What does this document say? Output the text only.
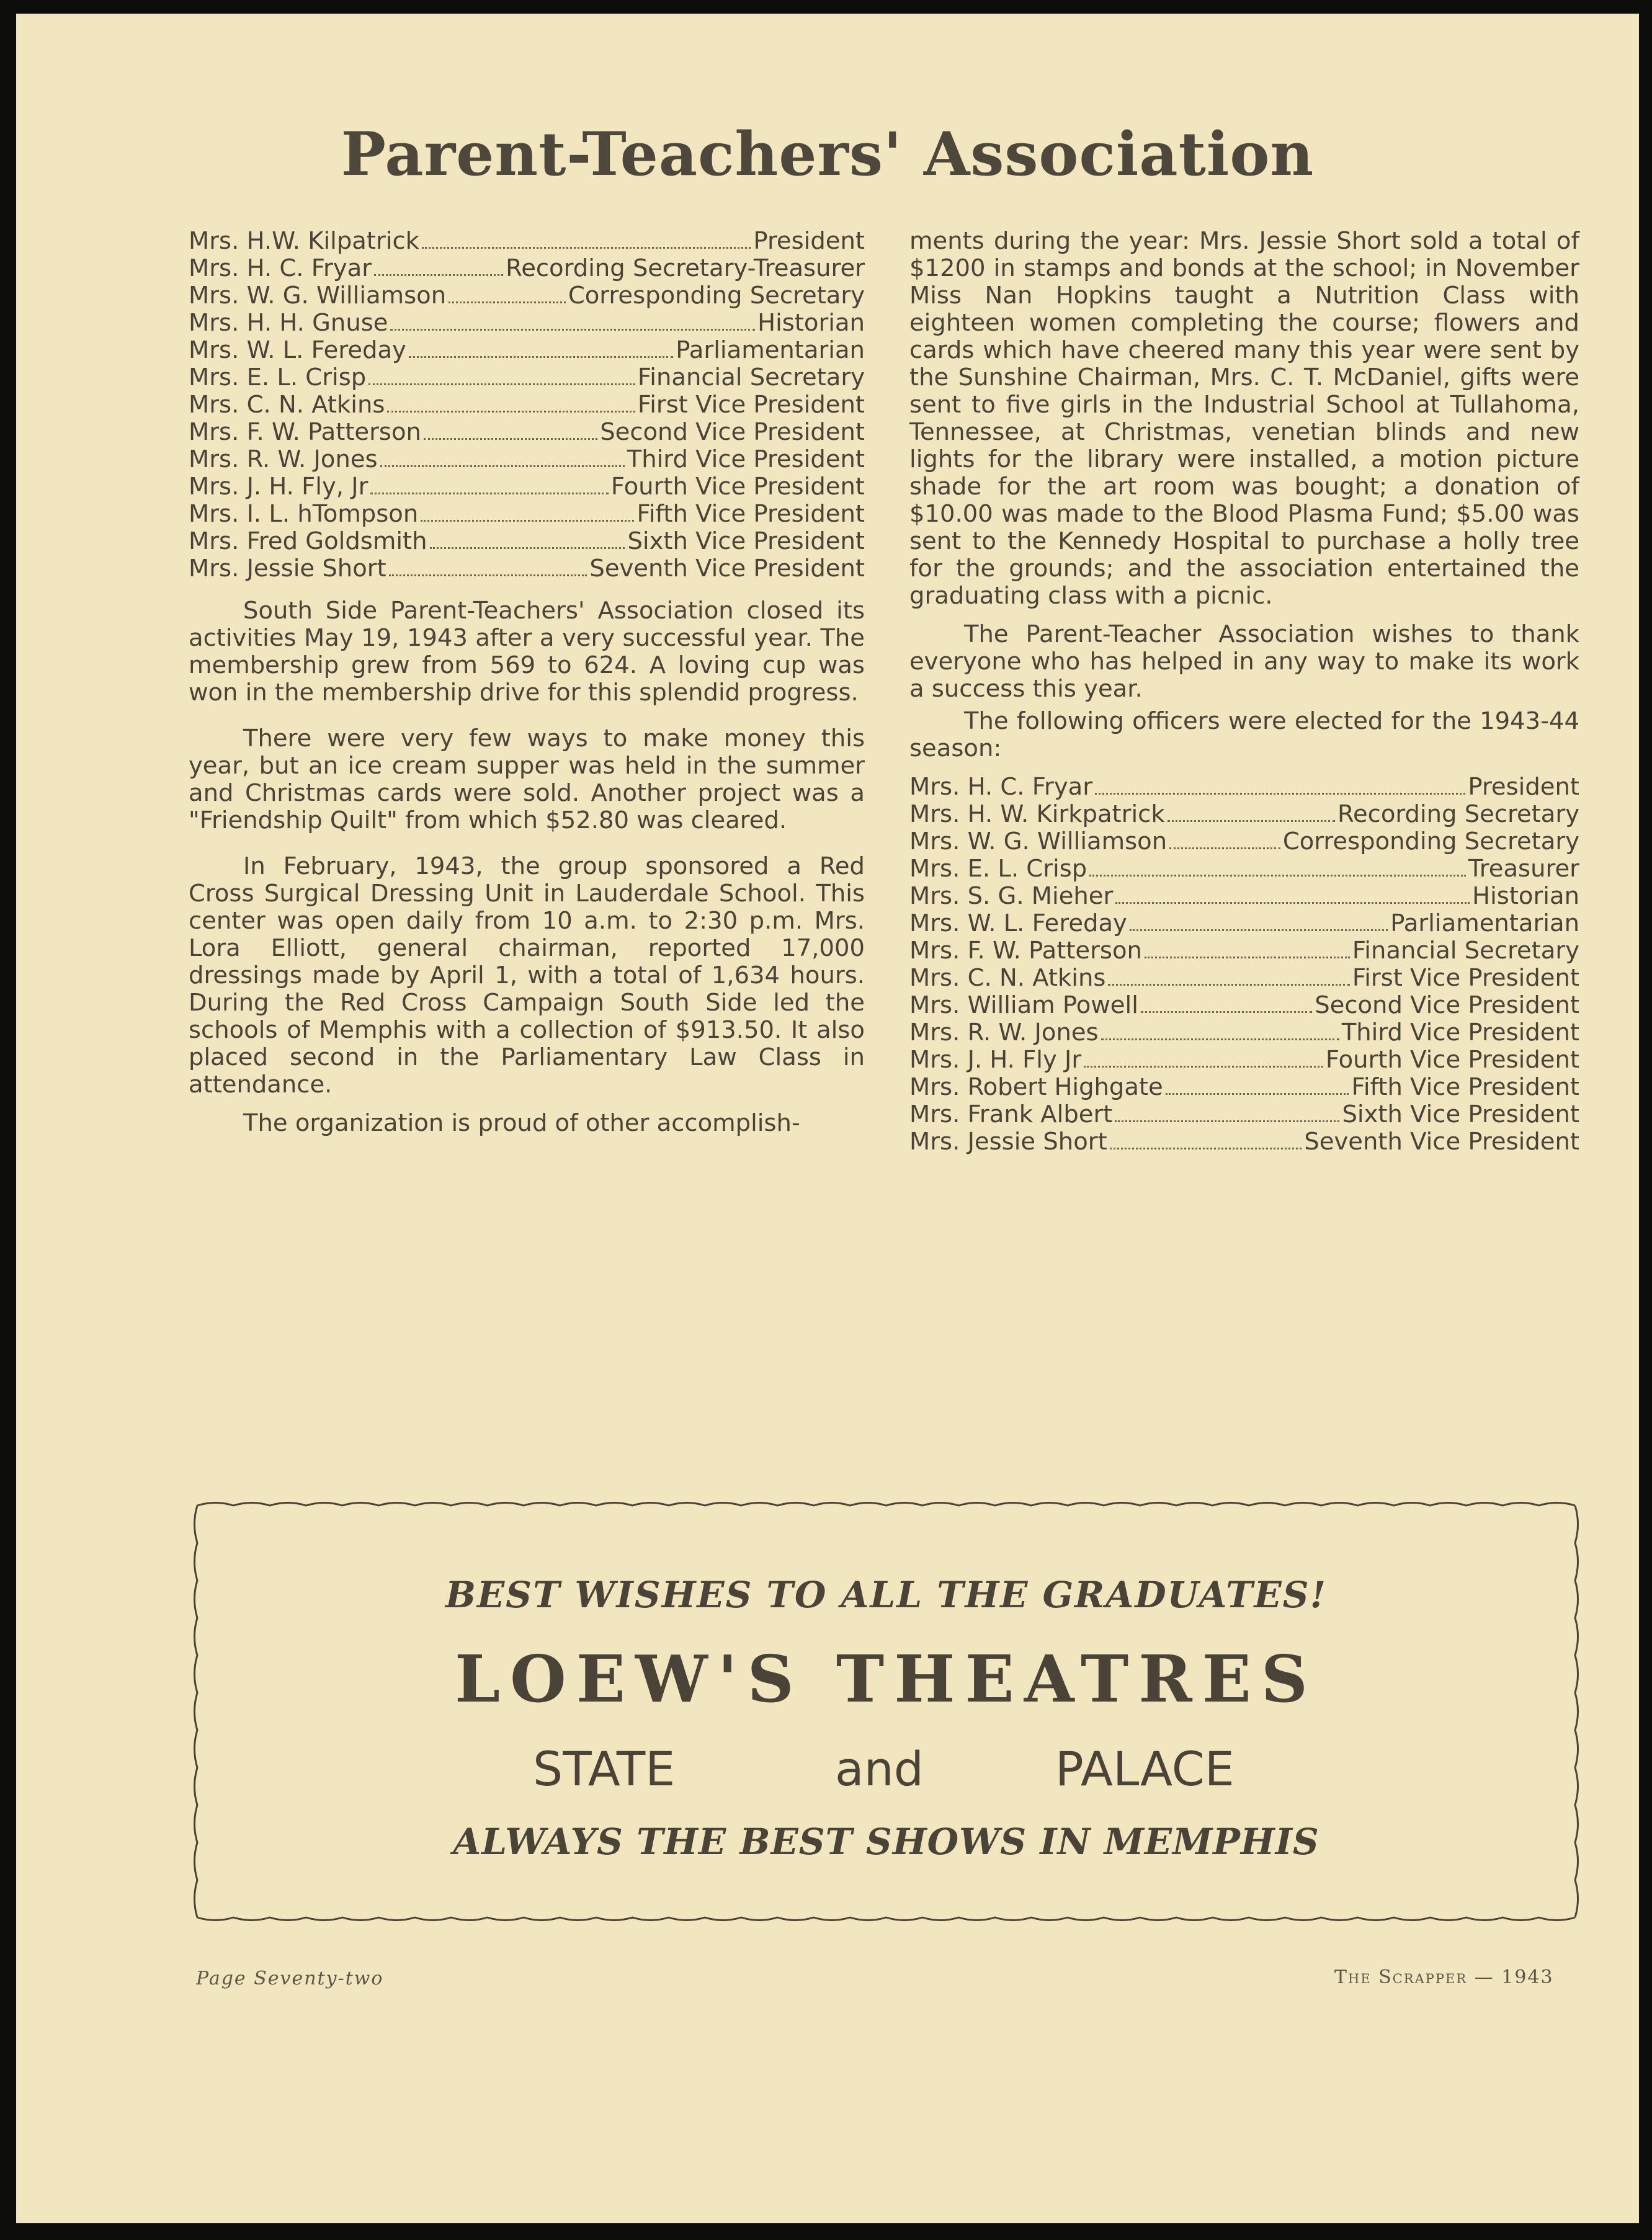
Parent-Teachers' Association
Mrs. H.W. Kilpatrick	President
Mrs. H. C. Fryar	Recording Secretary-Treasurer
Mrs. W. G. Williamson	Corresponding Secretary
Mrs. H. H. Gnuse	Historian
Mrs. W. L. Fereday	Parliamentarian
Mrs. E. L. Crisp	Financial Secretary
Mrs. C. N. Atkins	First Vice President
Mrs. F. W. Patterson	Second Vice President
Mrs. R. W. Jones	Third Vice President
Mrs. J. H. Fly, Jr	Fourth Vice President
Mrs. I. L. hTompson	Fifth Vice President
Mrs. Fred Goldsmith	Sixth Vice President
Mrs. Jessie Short	Seventh Vice President

South Side Parent-Teachers' Association closed its activities May 19, 1943 after a very successful year. The membership grew from 569 to 624. A loving cup was won in the membership drive for this splendid progress.

There were very few ways to make money this year, but an ice cream supper was held in the summer and Christmas cards were sold. Another project was a "Friendship Quilt" from which $52.80 was cleared.

In February, 1943, the group sponsored a Red Cross Surgical Dressing Unit in Lauderdale School. This center was open daily from 10 a.m. to 2:30 p.m. Mrs. Lora Elliott, general chairman, reported 17,000 dressings made by April 1, with a total of 1,634 hours. During the Red Cross Campaign South Side led the schools of Memphis with a collection of $913.50. It also placed second in the Parliamentary Law Class in attendance.

The organization is proud of other accomplish-

ments during the year: Mrs. Jessie Short sold a total of $1200 in stamps and bonds at the school; in November Miss Nan Hopkins taught a Nutrition Class with eighteen women completing the course; flowers and cards which have cheered many this year were sent by the Sunshine Chairman, Mrs. C. T. McDaniel, gifts were sent to five girls in the Industrial School at Tullahoma, Tennessee, at Christmas, venetian blinds and new lights for the library were installed, a motion picture shade for the art room was bought; a donation of $10.00 was made to the Blood Plasma Fund; $5.00 was sent to the Kennedy Hospital to purchase a holly tree for the grounds; and the association entertained the graduating class with a picnic.

The Parent-Teacher Association wishes to thank everyone who has helped in any way to make its work a success this year.

The following officers were elected for the 1943-44 season:

Mrs. H. C. Fryar	President
Mrs. H. W. Kirkpatrick	Recording Secretary
Mrs. W. G. Williamson	Corresponding Secretary
Mrs. E. L. Crisp	Treasurer
Mrs. S. G. Mieher	Historian
Mrs. W. L. Fereday	Parliamentarian
Mrs. F. W. Patterson	Financial Secretary
Mrs. C. N. Atkins	First Vice President
Mrs. William Powell	Second Vice President
Mrs. R. W. Jones	Third Vice President
Mrs. J. H. Fly Jr	Fourth Vice President
Mrs. Robert Highgate	Fifth Vice President
Mrs. Frank Albert	Sixth Vice President
Mrs. Jessie Short	Seventh Vice President
BEST WISHES TO ALL THE GRADUATES!
LOEW'S THEATRES
STATE	and	PALACE
ALWAYS THE BEST SHOWS IN MEMPHIS
Page Seventy-two	The Scrapper — 1943
